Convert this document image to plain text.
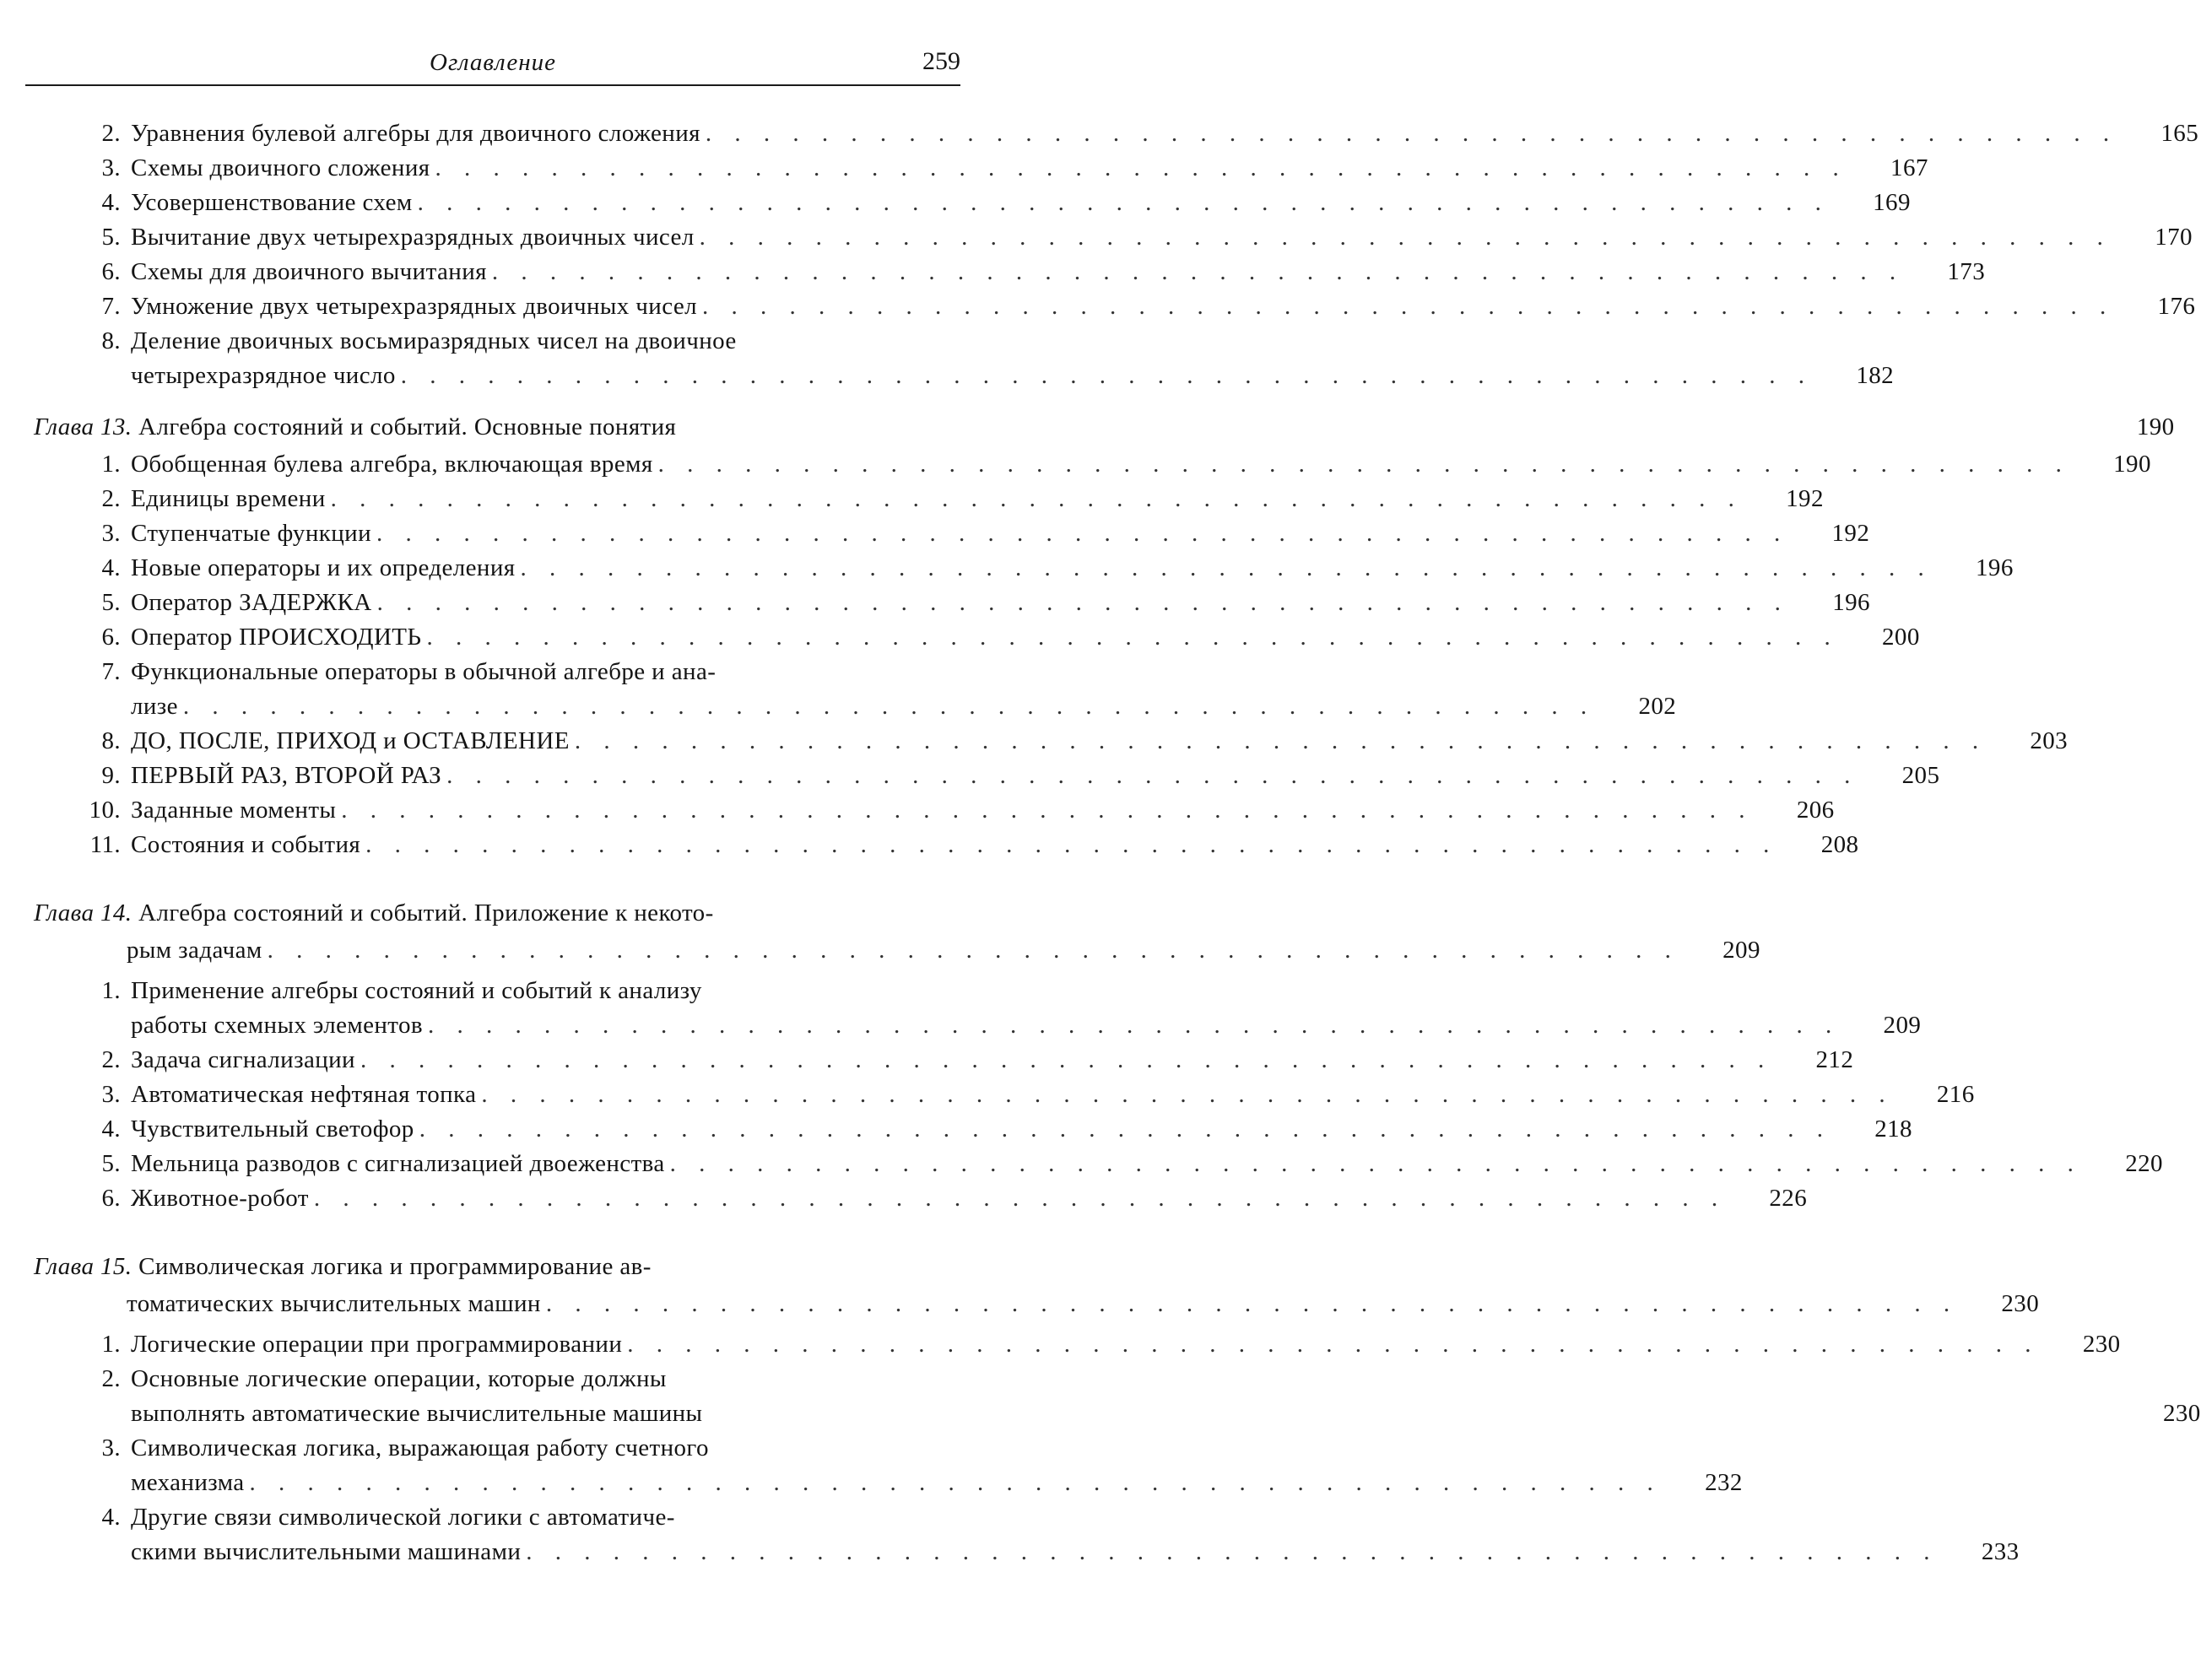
Оглавление	259
2. Уравнения булевой алгебры для двоичного сложения . . .	165
3. Схемы двоичного сложения . . .	167
4. Усовершенствование схем . . .	169
5. Вычитание двух четырехразрядных двоичных чисел . . .	170
6. Схемы для двоичного вычитания . . .	173
7. Умножение двух четырехразрядных двоичных чисел . . .	176
8. Деление двоичных восьмиразрядных чисел на двоичное
четырехразрядное число . . .	182
Глава 13. Алгебра состояний и событий. Основные понятия	190
1. Обобщенная булева алгебра, включающая время . . .	190
2. Единицы времени . . .	192
3. Ступенчатые функции . . .	192
4. Новые операторы и их определения . . .	196
5. Оператор ЗАДЕРЖКА . . .	196
6. Оператор ПРОИСХОДИТЬ . . .	200
7. Функциональные операторы в обычной алгебре и ана-
лизе . . .	202
8. ДО, ПОСЛЕ, ПРИХОД и ОСТАВЛЕНИЕ . . .	203
9. ПЕРВЫЙ РАЗ, ВТОРОЙ РАЗ . . .	205
10. Заданные моменты . . .	206
11. Состояния и события . . .	208
Глава 14. Алгебра состояний и событий. Приложение к некото-
рым задачам . . .	209
1. Применение алгебры состояний и событий к анализу
работы схемных элементов . . .	209
2. Задача сигнализации . . .	212
3. Автоматическая нефтяная топка . . .	216
4. Чувствительный светофор . . .	218
5. Мельница разводов с сигнализацией двоеженства . . .	220
6. Животное-робот . . .	226
Глава 15. Символическая логика и программирование ав-
томатических вычислительных машин . . .	230
1. Логические операции при программировании . . .	230
2. Основные логические операции, которые должны
выполнять автоматические вычислительные машины	230
3. Символическая логика, выражающая работу счетного
механизма . . .	232
4. Другие связи символической логики с автоматиче-
скими вычислительными машинами . . .	233
